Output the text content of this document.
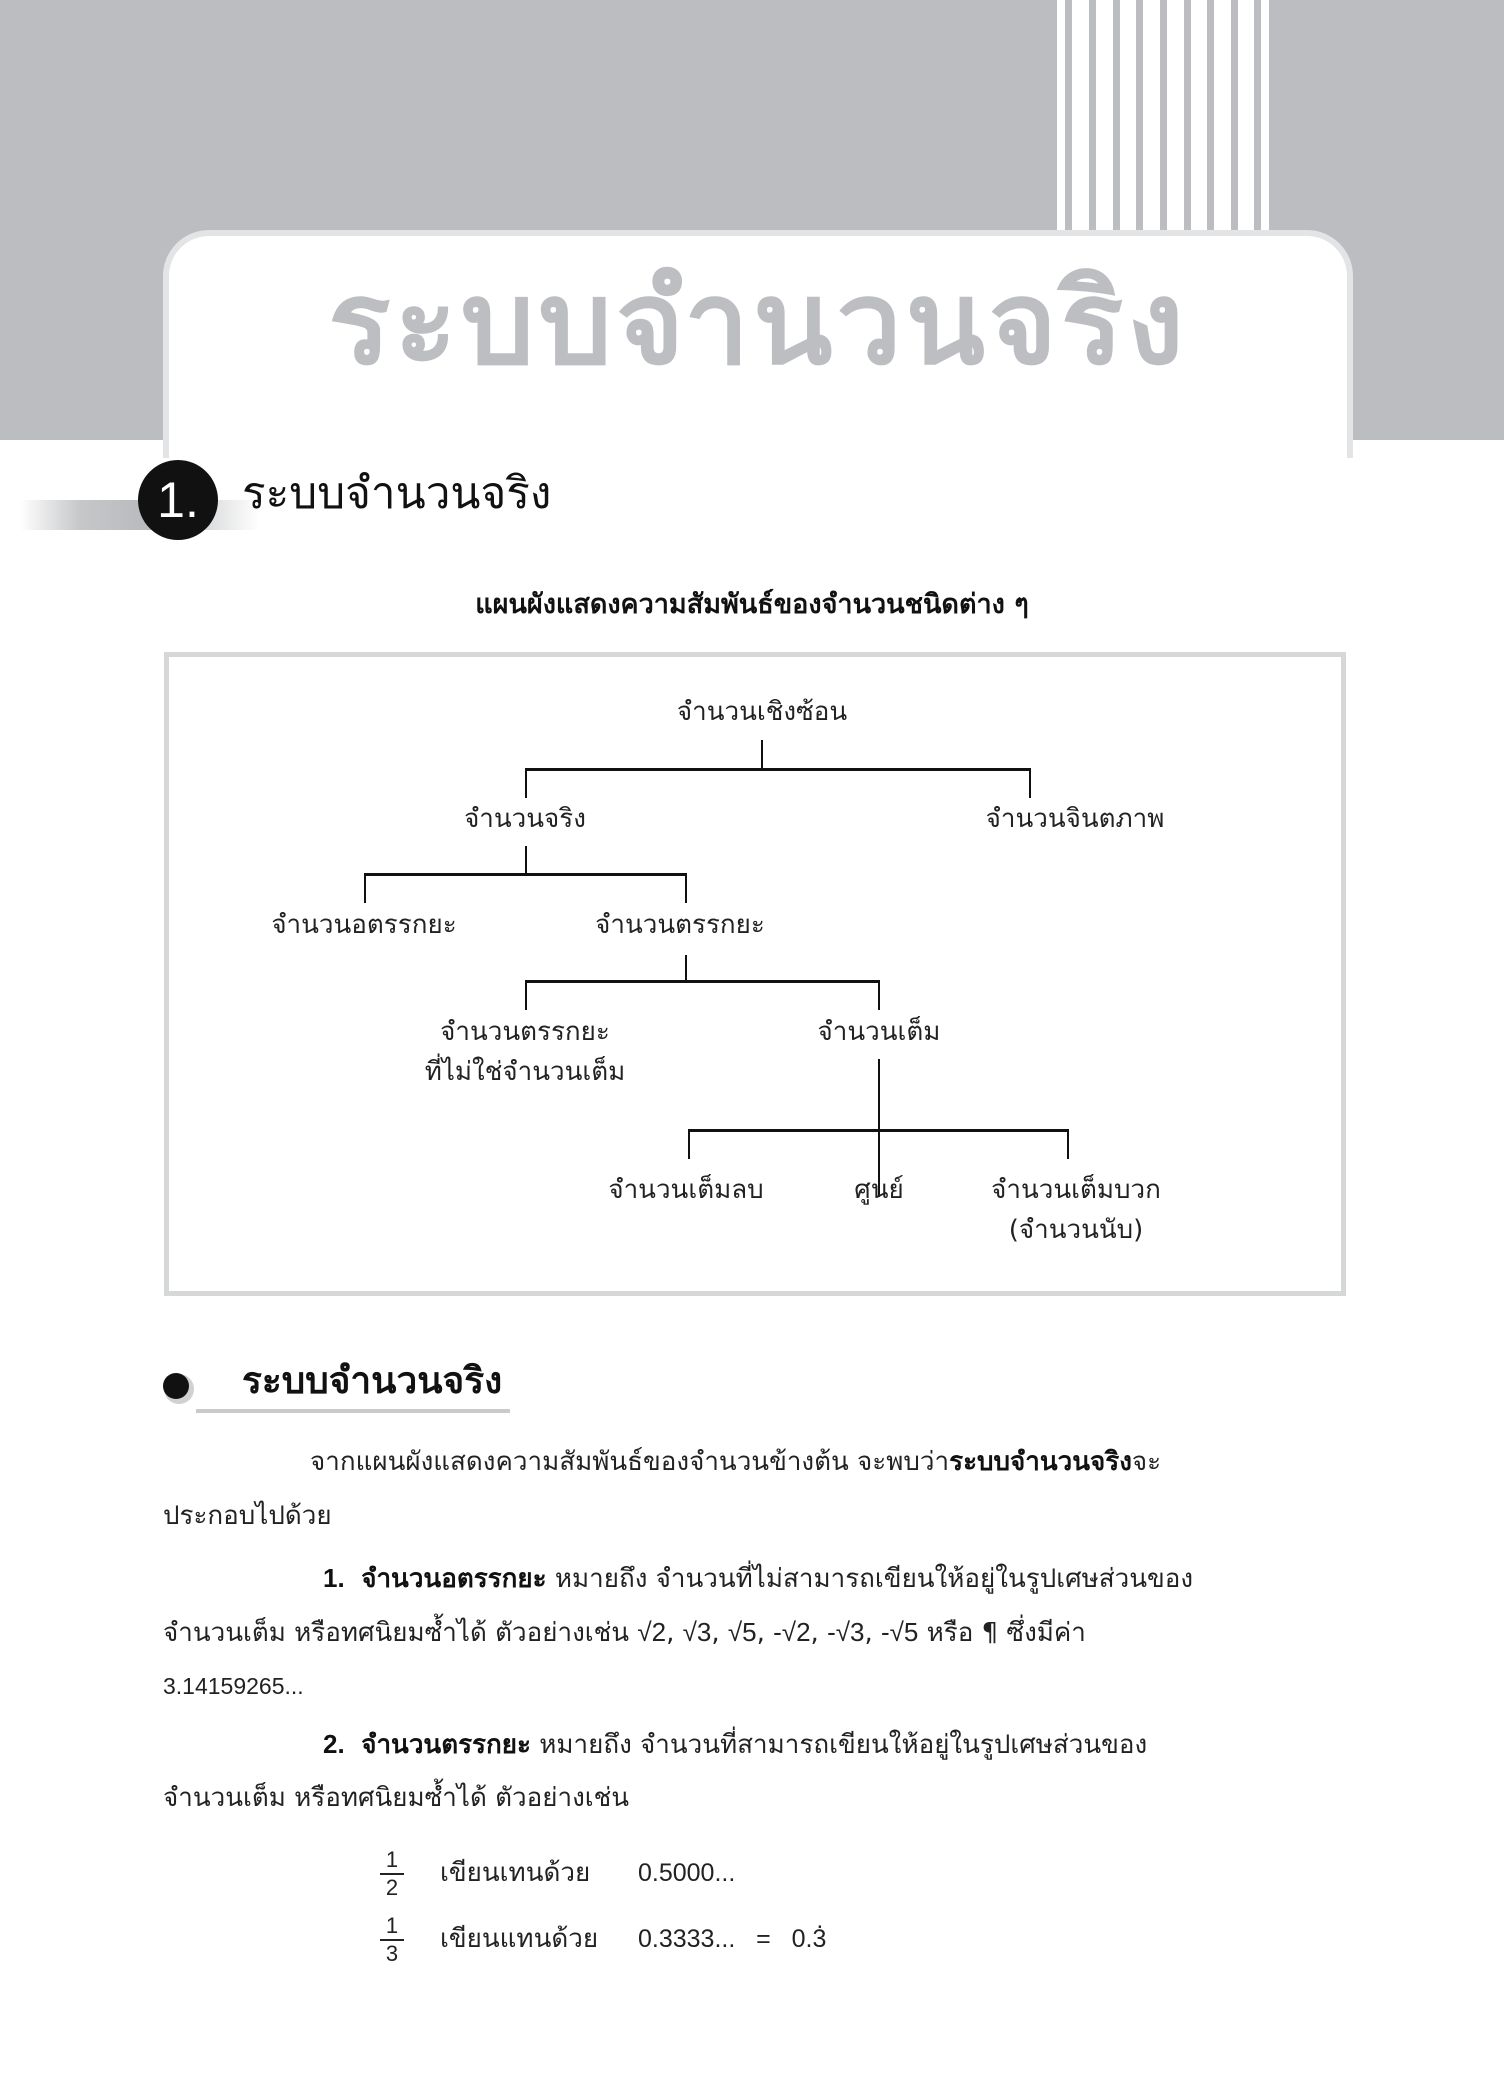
ระบบจำนวนจริง
1. ระบบจำนวนจริง
แผนผังแสดงความสัมพันธ์ของจำนวนชนิดต่าง ๆ
จำนวนเชิงซ้อน
จำนวนจริง	จำนวนจินตภาพ
จำนวนอตรรกยะ	จำนวนตรรกยะ
จำนวนตรรกยะ
ที่ไม่ใช่จำนวนเต็ม
จำนวนเต็ม
จำนวนเต็มลบ	ศูนย์	จำนวนเต็มบวก
(จำนวนนับ)
ระบบจำนวนจริง
จากแผนผังแสดงความสัมพันธ์ของจำนวนข้างต้น จะพบว่าระบบจำนวนจริงจะ
ประกอบไปด้วย
1. จำนวนอตรรกยะ หมายถึง จำนวนที่ไม่สามารถเขียนให้อยู่ในรูปเศษส่วนของ
จำนวนเต็ม หรือทศนิยมซ้ำได้ ตัวอย่างเช่น √2, √3, √5, -√2, -√3, -√5 หรือ ¶ ซึ่งมีค่า
3.14159265...
2. จำนวนตรรกยะ หมายถึง จำนวนที่สามารถเขียนให้อยู่ในรูปเศษส่วนของ
จำนวนเต็ม หรือทศนิยมซ้ำได้ ตัวอย่างเช่น
1
2 เขียนเทนด้วย 0.5000...
1
3 เขียนแทนด้วย 0.3333...   =   0.. 3
